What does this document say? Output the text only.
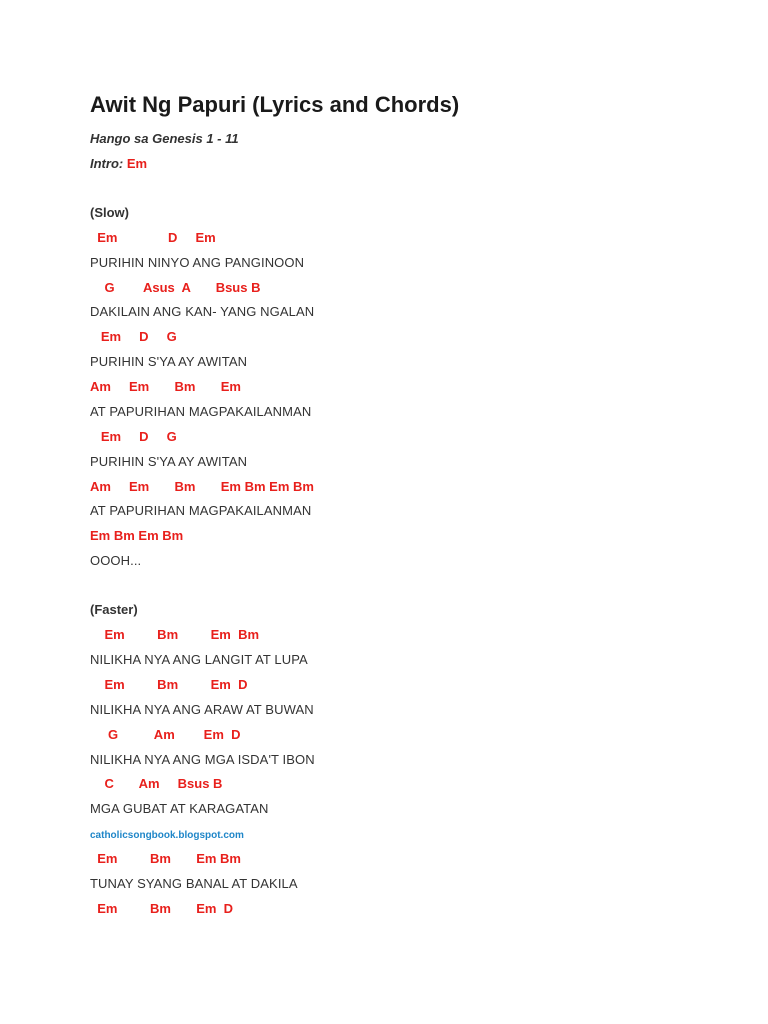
Awit Ng Papuri (Lyrics and Chords)
Hango sa Genesis 1 - 11
Intro: Em
(Slow)
Em              D     Em
PURIHIN NINYO ANG PANGINOON
G        Asus  A       Bsus B
DAKILAIN ANG KAN- YANG NGALAN
Em     D     G
PURIHIN S'YA AY AWITAN
Am     Em       Bm       Em
AT PAPURIHAN MAGPAKAILANMAN
Em     D     G
PURIHIN S'YA AY AWITAN
Am     Em       Bm       Em Bm Em Bm
AT PAPURIHAN MAGPAKAILANMAN
Em Bm Em Bm
OOOH...
(Faster)
Em         Bm         Em  Bm
NILIKHA NYA ANG LANGIT AT LUPA
Em         Bm         Em  D
NILIKHA NYA ANG ARAW AT BUWAN
G          Am        Em  D
NILIKHA NYA ANG MGA ISDA'T IBON
C       Am     Bsus B
MGA GUBAT AT KARAGATAN
catholicsongbook.blogspot.com
Em         Bm       Em Bm
TUNAY SYANG BANAL AT DAKILA
Em         Bm       Em  D
